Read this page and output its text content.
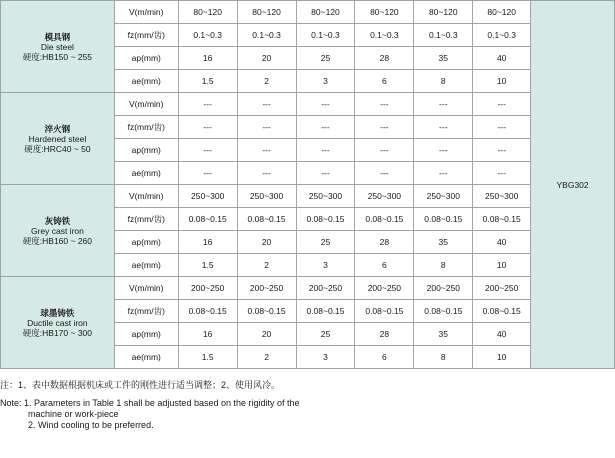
模具钢
Die steel
硬度:HB150 ~ 255	V(m/min)	80~120	80~120	80~120	80~120	80~120	80~120	YBG302
	fz(mm/齿)	0.1~0.3	0.1~0.3	0.1~0.3	0.1~0.3	0.1~0.3	0.1~0.3	
	ap(mm)	16	20	25	28	35	40	
	ae(mm)	1.5	2	3	6	8	10	

淬火钢
Hardened steel
硬度:HRC40 ~ 50	V(m/min)	---	---	---	---	---	---	
	fz(mm/齿)	---	---	---	---	---	---	
	ap(mm)	---	---	---	---	---	---	
	ae(mm)	---	---	---	---	---	---	

灰铸铁
Grey cast iron
硬度:HB160 ~ 260	V(m/min)	250~300	250~300	250~300	250~300	250~300	250~300	
	fz(mm/齿)	0.08~0.15	0.08~0.15	0.08~0.15	0.08~0.15	0.08~0.15	0.08~0.15	
	ap(mm)	16	20	25	28	35	40	
	ae(mm)	1.5	2	3	6	8	10	

球墨铸铁
Ductile cast iron
硬度:HB170 ~ 300	V(m/min)	200~250	200~250	200~250	200~250	200~250	200~250	
	fz(mm/齿)	0.08~0.15	0.08~0.15	0.08~0.15	0.08~0.15	0.08~0.15	0.08~0.15	
	ap(mm)	16	20	25	28	35	40	
	ae(mm)	1.5	2	3	6	8	10	
注：1、表中数据根据机床或工件的刚性进行适当调整；2、使用风冷。
Note: 1. Parameters in Table 1 shall be adjusted based on the rigidity of the
machine or work-piece
2. Wind cooling to be preferred.
